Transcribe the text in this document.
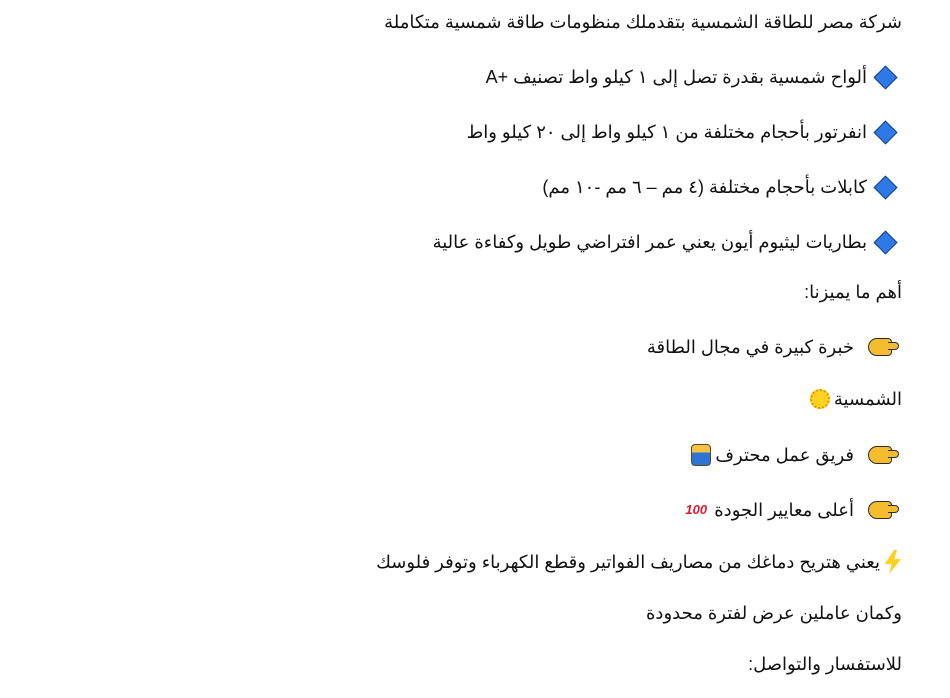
شركة مصر للطاقة الشمسية بتقدملك منظومات طاقة شمسية متكاملة
ألواح شمسية بقدرة تصل إلى ١ كيلو واط تصنيف +A
انفرتور بأحجام مختلفة من ١ كيلو واط إلى ٢٠ كيلو واط
كابلات بأحجام مختلفة (٤ مم – ٦ مم -١٠ مم)
بطاريات ليثيوم أيون يعني عمر افتراضي طويل وكفاءة عالية
أهم ما يميزنا:
خبرة كبيرة في مجال الطاقة
الشمسية
فريق عمل محترف
أعلى معايير الجودة
100
يعني هتريح دماغك من مصاريف الفواتير وقطع الكهرباء وتوفر فلوسك
وكمان عاملين عرض لفترة محدودة
للاستفسار والتواصل:
